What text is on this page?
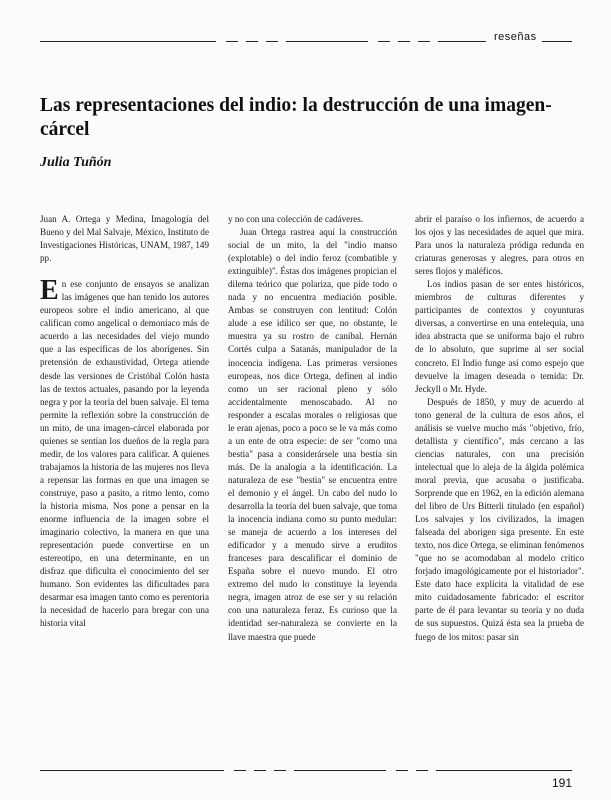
reseñas
Las representaciones del indio: la destrucción de una imagen-cárcel

Julia Tuñón

Juan A. Ortega y Medina, Imagología del Bueno y del Mal Salvaje, México, Instituto de Investigaciones Históricas, UNAM, 1987, 149 pp.

En ese conjunto de ensayos se analizan las imágenes que han tenido los autores europeos sobre el indio americano, al que califican como angelical o demoníaco más de acuerdo a las necesidades del viejo mundo que a las específicas de los aborígenes. Sin pretensión de exhaustividad, Ortega atiende desde las versiones de Cristóbal Colón hasta las de textos actuales, pasando por la leyenda negra y por la teoría del buen salvaje. El tema permite la reflexión sobre la construcción de un mito, de una imagen-cárcel elaborada por quienes se sentían los dueños de la regla para medir, de los valores para calificar. A quienes trabajamos la historia de las mujeres nos lleva a repensar las formas en que una imagen se construye, paso a pasito, a ritmo lento, como la historia misma. Nos pone a pensar en la enorme influencia de la imagen sobre el imaginario colectivo, la manera en que una representación puede convertirse en un estereotipo, en una determinante, en un disfraz que dificulta el conocimiento del ser humano. Son evidentes las dificultades para desarmar esa imagen tanto como es perentoria la necesidad de hacerlo para bregar con una historia vital

y no con una colección de cadáveres.

Juan Ortega rastrea aquí la construcción social de un mito, la del "indio manso (explotable) o del indio feroz (combatible y extinguible)". Éstas dos imágenes propician el dilema teórico que polariza, que pide todo o nada y no encuentra mediación posible. Ambas se construyen con lentitud: Colón alude a ese idílico ser que, no obstante, le muestra ya su rostro de caníbal. Hernán Cortés culpa a Satanás, manipulador de la inocencia indígena. Las primeras versiones europeas, nos dice Ortega, definen al indio como un ser racional pleno y sólo accidentalmente menoscabado. Al no responder a escalas morales o religiosas que le eran ajenas, poco a poco se le va más como a un ente de otra especie: de ser "como una bestia" pasa a considerársele una bestia sin más. De la analogía a la identificación. La naturaleza de ese "bestia" se encuentra entre el demonio y el ángel. Un cabo del nudo lo desarrolla la teoría del buen salvaje, que toma la inocencia indiana como su punto medular: se maneja de acuerdo a los intereses del edificador y a menudo sirve a eruditos franceses para descalificar el dominio de España sobre el nuevo mundo. El otro extremo del nudo lo constituye la leyenda negra, imagen atroz de ese ser y su relación con una naturaleza feraz. Es curioso que la identidad ser-naturaleza se convierte en la llave maestra que puede

abrir el paraíso o los infiernos, de acuerdo a los ojos y las necesidades de aquel que mira. Para unos la naturaleza pródiga redunda en criaturas generosas y alegres, para otros en seres flojos y maléficos.

Los indios pasan de ser entes históricos, miembros de culturas diferentes y participantes de contextos y coyunturas diversas, a convertirse en una entelequia, una idea abstracta que se uniforma bajo el rubro de lo absoluto, que suprime al ser social concreto. El Indio funge así como espejo que devuelve la imagen deseada o temida: Dr. Jeckyll o Mr. Hyde.

Después de 1850, y muy de acuerdo al tono general de la cultura de esos años, el análisis se vuelve mucho más "objetivo, frío, detallista y científico", más cercano a las ciencias naturales, con una precisión intelectual que lo aleja de la álgida polémica moral previa, que acusaba o justificaba. Sorprende que en 1962, en la edición alemana del libro de Urs Bitterli titulado (en español) Los salvajes y los civilizados, la imagen falseada del aborigen siga presente. En este texto, nos dice Ortega, se eliminan fenómenos "que no se acomodaban al modelo crítico forjado imagológicamente por el historiador". Este dato hace explícita la vitalidad de ese mito cuidadosamente fabricado: el escritor parte de él para levantar su teoría y no duda de sus supuestos. Quizá ésta sea la prueba de fuego de los mitos: pasar sin

191
